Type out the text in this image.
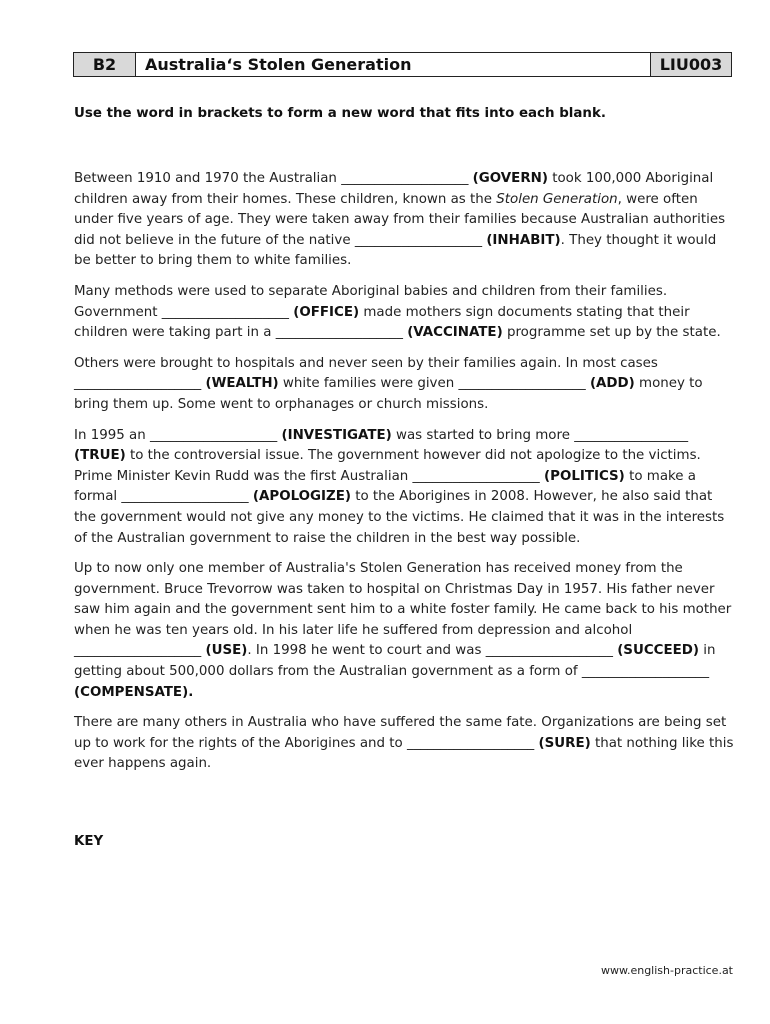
B2	Australia‘s Stolen Generation	LIU003
Use the word in brackets to form a new word that fits into each blank.

Between 1910 and 1970 the Australian ___________________ (GOVERN) took 100,000 Aboriginal children away from their homes. These children, known as the Stolen Generation, were often under five years of age. They were taken away from their families because Australian authorities did not believe in the future of the native ___________________ (INHABIT). They thought it would be better to bring them to white families.

Many methods were used to separate Aboriginal babies and children from their families. Government ___________________ (OFFICE) made mothers sign documents stating that their children were taking part in a ___________________ (VACCINATE) programme set up by the state.

Others were brought to hospitals and never seen by their families again. In most cases ___________________ (WEALTH) white families were given ___________________ (ADD) money to bring them up. Some went to orphanages or church missions.

In 1995 an ___________________ (INVESTIGATE) was started to bring more _________________ (TRUE) to the controversial issue. The government however did not apologize to the victims. Prime Minister Kevin Rudd was the first Australian ___________________ (POLITICS) to make a formal ___________________ (APOLOGIZE) to the Aborigines in 2008. However, he also said that the government would not give any money to the victims. He claimed that it was in the interests of the Australian government to raise the children in the best way possible.

Up to now only one member of Australia's Stolen Generation has received money from the government. Bruce Trevorrow was taken to hospital on Christmas Day in 1957. His father never saw him again and the government sent him to a white foster family. He came back to his mother when he was ten years old. In his later life he suffered from depression and alcohol ___________________ (USE). In 1998 he went to court and was ___________________ (SUCCEED) in getting about 500,000 dollars from the Australian government as a form of ___________________ (COMPENSATE).

There are many others in Australia who have suffered the same fate. Organizations are being set up to work for the rights of the Aborigines and to ___________________ (SURE) that nothing like this ever happens again.

KEY
www.english-practice.at
